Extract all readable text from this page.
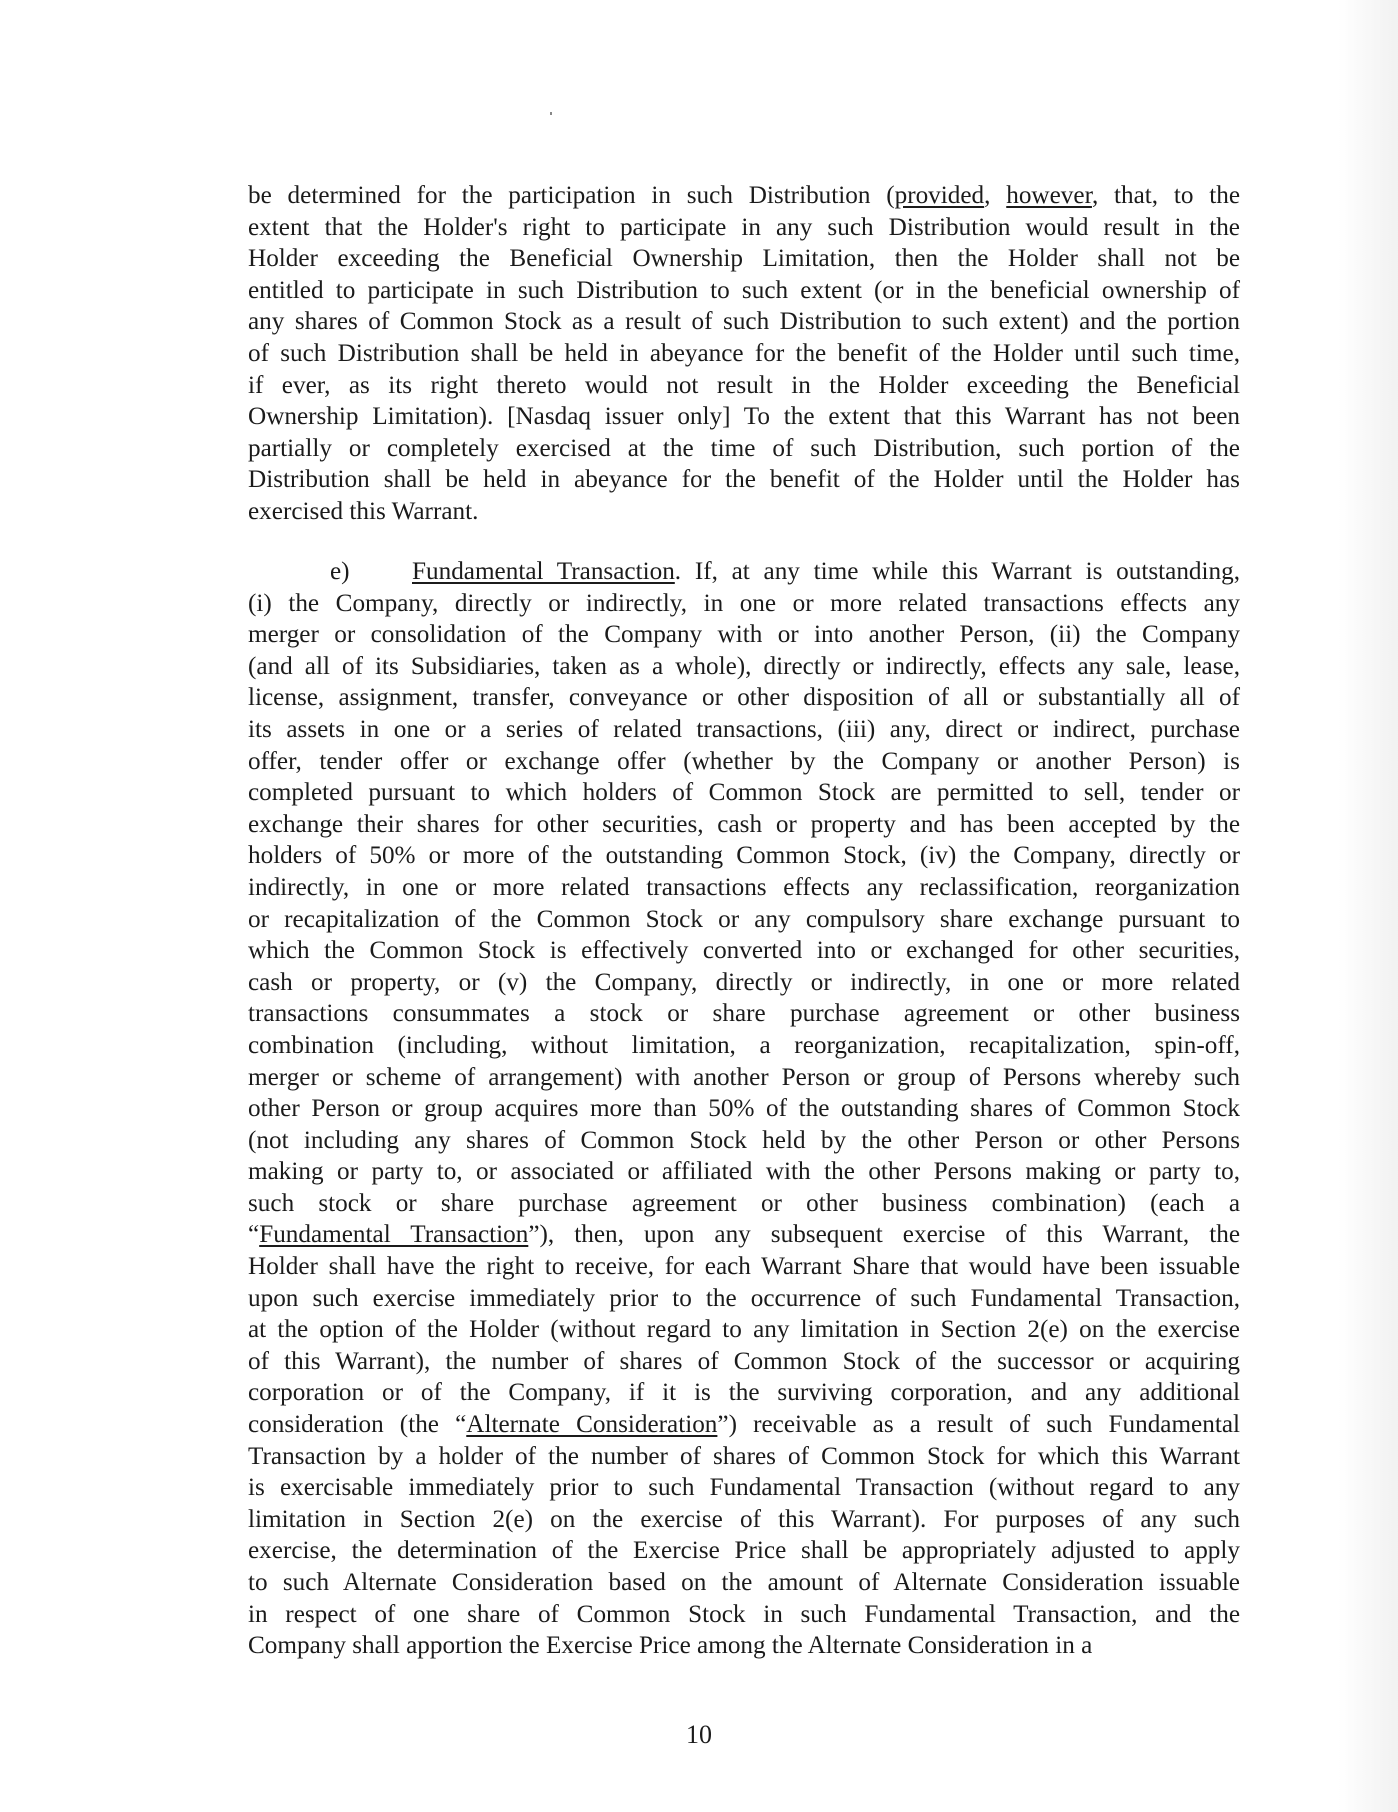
be determined for the participation in such Distribution (provided, however, that, to the
extent that the Holder's right to participate in any such Distribution would result in the
Holder exceeding the Beneficial Ownership Limitation, then the Holder shall not be
entitled to participate in such Distribution to such extent (or in the beneficial ownership of
any shares of Common Stock as a result of such Distribution to such extent) and the portion
of such Distribution shall be held in abeyance for the benefit of the Holder until such time,
if ever, as its right thereto would not result in the Holder exceeding the Beneficial
Ownership Limitation). [Nasdaq issuer only] To the extent that this Warrant has not been
partially or completely exercised at the time of such Distribution, such portion of the
Distribution shall be held in abeyance for the benefit of the Holder until the Holder has
exercised this Warrant.
e) Fundamental Transaction. If, at any time while this Warrant is outstanding,
(i) the Company, directly or indirectly, in one or more related transactions effects any
merger or consolidation of the Company with or into another Person, (ii) the Company
(and all of its Subsidiaries, taken as a whole), directly or indirectly, effects any sale, lease,
license, assignment, transfer, conveyance or other disposition of all or substantially all of
its assets in one or a series of related transactions, (iii) any, direct or indirect, purchase
offer, tender offer or exchange offer (whether by the Company or another Person) is
completed pursuant to which holders of Common Stock are permitted to sell, tender or
exchange their shares for other securities, cash or property and has been accepted by the
holders of 50% or more of the outstanding Common Stock, (iv) the Company, directly or
indirectly, in one or more related transactions effects any reclassification, reorganization
or recapitalization of the Common Stock or any compulsory share exchange pursuant to
which the Common Stock is effectively converted into or exchanged for other securities,
cash or property, or (v) the Company, directly or indirectly, in one or more related
transactions consummates a stock or share purchase agreement or other business
combination (including, without limitation, a reorganization, recapitalization, spin-off,
merger or scheme of arrangement) with another Person or group of Persons whereby such
other Person or group acquires more than 50% of the outstanding shares of Common Stock
(not including any shares of Common Stock held by the other Person or other Persons
making or party to, or associated or affiliated with the other Persons making or party to,
such stock or share purchase agreement or other business combination) (each a
“Fundamental Transaction”), then, upon any subsequent exercise of this Warrant, the
Holder shall have the right to receive, for each Warrant Share that would have been issuable
upon such exercise immediately prior to the occurrence of such Fundamental Transaction,
at the option of the Holder (without regard to any limitation in Section 2(e) on the exercise
of this Warrant), the number of shares of Common Stock of the successor or acquiring
corporation or of the Company, if it is the surviving corporation, and any additional
consideration (the “Alternate Consideration”) receivable as a result of such Fundamental
Transaction by a holder of the number of shares of Common Stock for which this Warrant
is exercisable immediately prior to such Fundamental Transaction (without regard to any
limitation in Section 2(e) on the exercise of this Warrant). For purposes of any such
exercise, the determination of the Exercise Price shall be appropriately adjusted to apply
to such Alternate Consideration based on the amount of Alternate Consideration issuable
in respect of one share of Common Stock in such Fundamental Transaction, and the
Company shall apportion the Exercise Price among the Alternate Consideration in a
10
